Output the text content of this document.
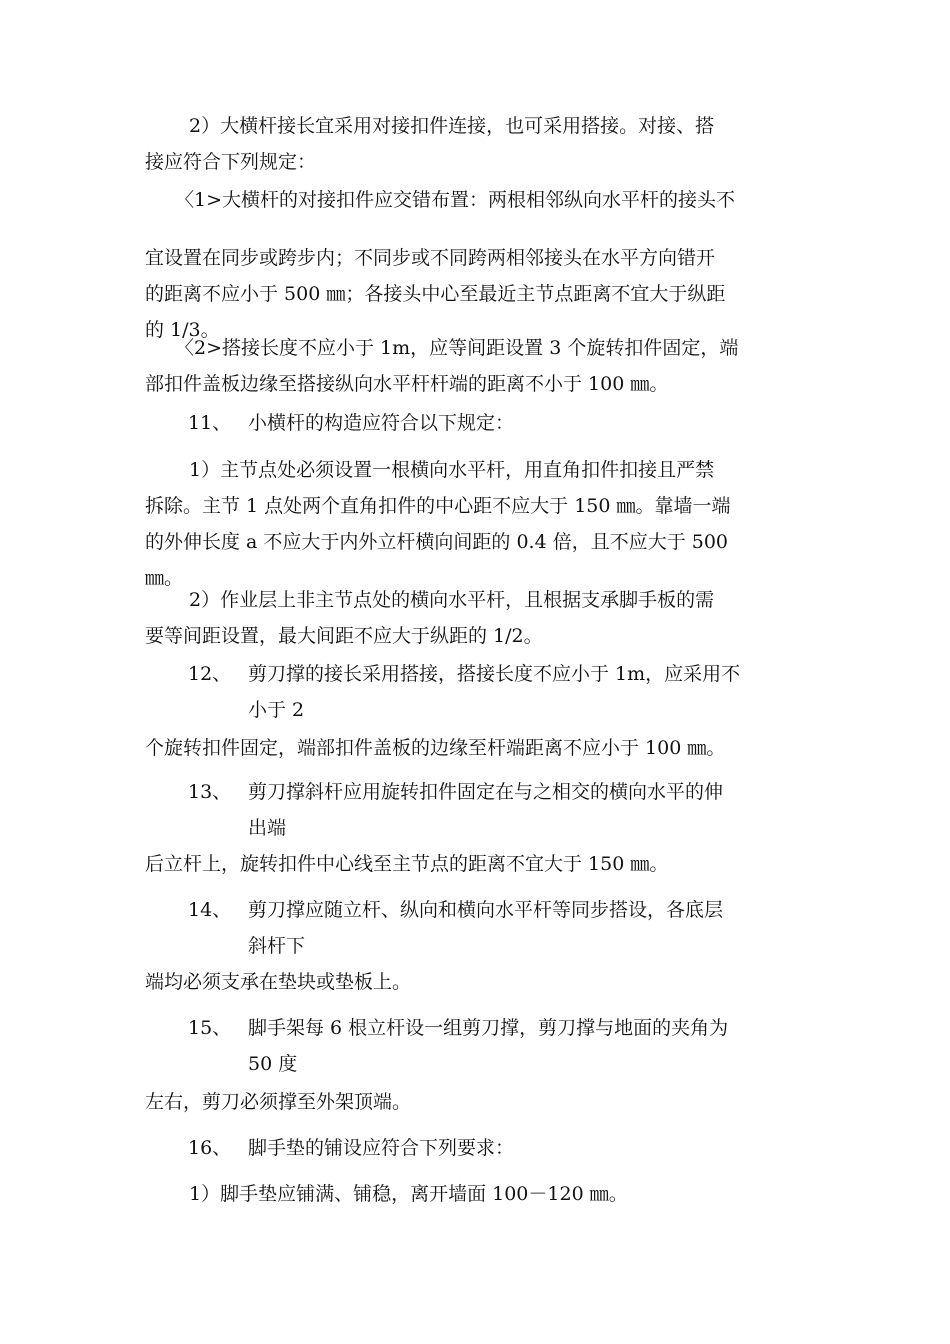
2）大横杆接长宜采用对接扣件连接，也可采用搭接。对接、搭
接应符合下列规定：
〈1>大横杆的对接扣件应交错布置：两根相邻纵向水平杆的接头不
宜设置在同步或跨步内；不同步或不同跨两相邻接头在水平方向错开
的距离不应小于 500 ㎜；各接头中心至最近主节点距离不宜大于纵距
的 1/3。
〈2>搭接长度不应小于 1m，应等间距设置 3 个旋转扣件固定，端
部扣件盖板边缘至搭接纵向水平杆杆端的距离不小于 100 ㎜。
11、 小横杆的构造应符合以下规定：
1）主节点处必须设置一根横向水平杆，用直角扣件扣接且严禁
拆除。主节 1 点处两个直角扣件的中心距不应大于 150 ㎜。靠墙一端
的外伸长度 a 不应大于内外立杆横向间距的 0.4 倍，且不应大于 500
㎜。
2）作业层上非主节点处的横向水平杆，且根据支承脚手板的需
要等间距设置，最大间距不应大于纵距的 1/2。
12、 剪刀撑的接长采用搭接，搭接长度不应小于 1m，应采用不
小于 2
个旋转扣件固定，端部扣件盖板的边缘至杆端距离不应小于 100 ㎜。
13、 剪刀撑斜杆应用旋转扣件固定在与之相交的横向水平的伸
出端
后立杆上，旋转扣件中心线至主节点的距离不宜大于 150 ㎜。
14、 剪刀撑应随立杆、纵向和横向水平杆等同步搭设，各底层
斜杆下
端均必须支承在垫块或垫板上。
15、 脚手架每 6 根立杆设一组剪刀撑，剪刀撑与地面的夹角为
50 度
左右，剪刀必须撑至外架顶端。
16、 脚手垫的铺设应符合下列要求：
1）脚手垫应铺满、铺稳，离开墙面 100－120 ㎜。
